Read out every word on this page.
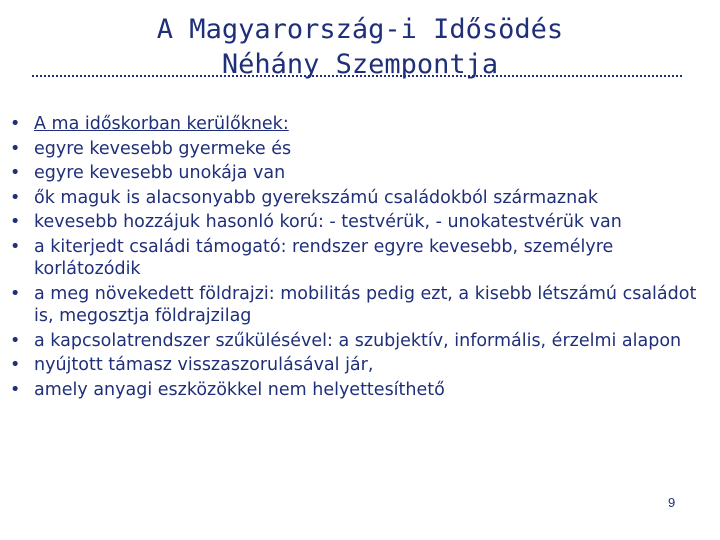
A Magyarország-i Idősödés
Néhány Szempontja
• A ma időskorban kerülőknek:
• egyre kevesebb gyermeke és
• egyre kevesebb unokája van
• ők maguk is alacsonyabb gyerekszámú családokból származnak
• kevesebb hozzájuk hasonló korú: - testvérük, - unokatestvérük van
• a kiterjedt családi támogató: rendszer egyre kevesebb, személyre korlátozódik
• a meg növekedett földrajzi: mobilitás pedig ezt, a kisebb létszámú családot is, megosztja földrajzilag
• a kapcsolatrendszer szűkülésével: a szubjektív, informális, érzelmi alapon
• nyújtott támasz visszaszorulásával jár,
• amely anyagi eszközökkel nem helyettesíthető
9
